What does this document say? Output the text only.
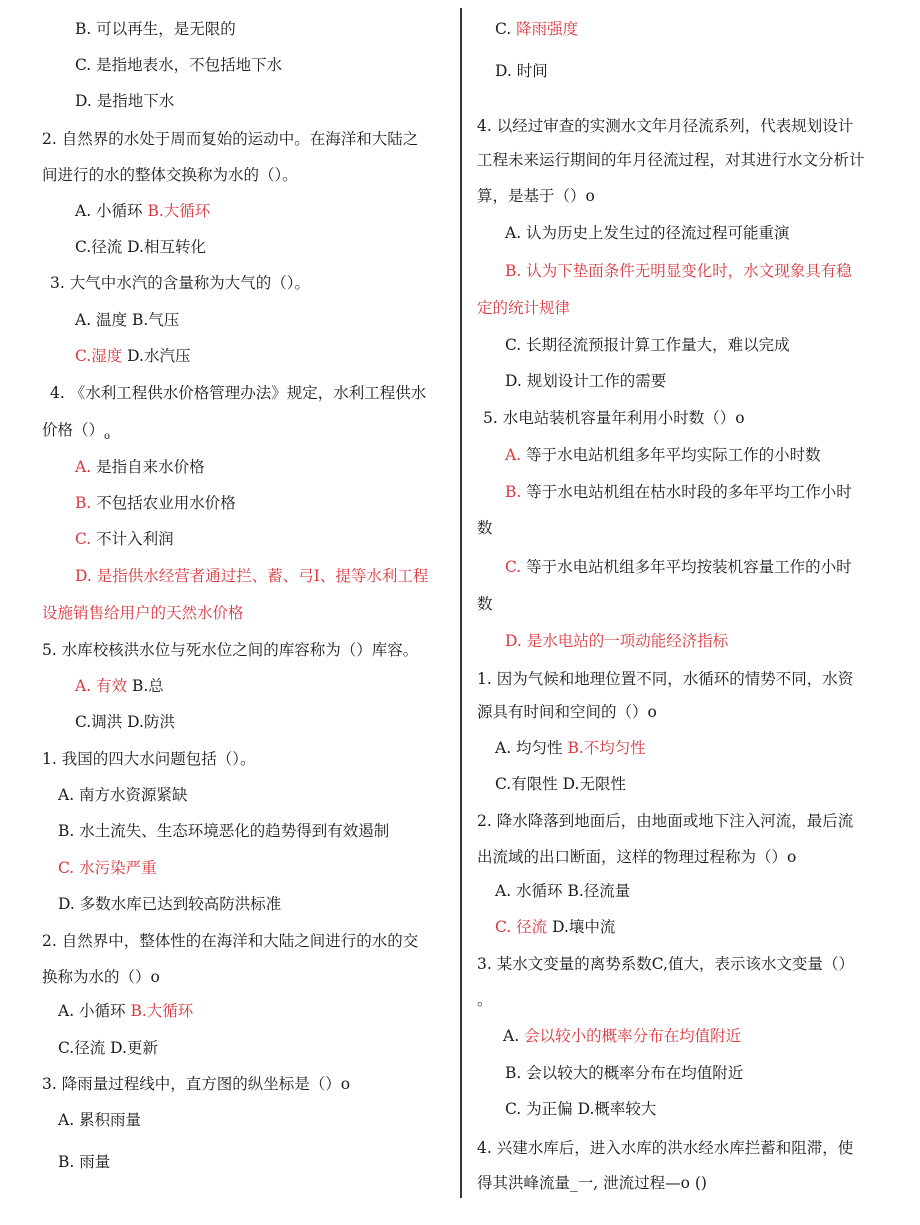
B. 可以再生，是无限的
C. 是指地表水，不包括地下水
D. 是指地下水
2. 自然界的水处于周而复始的运动中。在海洋和大陆之
间进行的水的整体交换称为水的（）。
A. 小循环 B.大循环
C.径流 D.相互转化
3. 大气中水汽的含量称为大气的（）。
A. 温度 B.气压
C.湿度 D.水汽压
4. 《水利工程供水价格管理办法》规定，水利工程供水
价格$()_o$
A. 是指自来水价格
B. 不包括农业用水价格
C. 不计入利润
D. 是指供水经营者通过拦、蓄、弓I、提等水利工程
设施销售给用户的天然水价格
5. 水库校核洪水位与死水位之间的库容称为（）库容。
A. 有效 B.总
C.调洪 D.防洪
1. 我国的四大水问题包括（）。
A. 南方水资源紧缺
B. 水土流失、生态环境恶化的趋势得到有效遏制
C. 水污染严重
D. 多数水库已达到较高防洪标准
2. 自然界中，整体性的在海洋和大陆之间进行的水的交
换称为水的（）o
A. 小循环 B.大循环
C.径流 D.更新
3. 降雨量过程线中，直方图的纵坐标是（）o
A. 累积雨量
B. 雨量
C. 降雨强度
D. 时间
4. 以经过审查的实测水文年月径流系列，代表规划设计
工程未来运行期间的年月径流过程，对其进行水文分析计
算，是基于（）o
A. 认为历史上发生过的径流过程可能重演
B. 认为下垫面条件无明显变化时，水文现象具有稳
定的统计规律
C. 长期径流预报计算工作量大，难以完成
D. 规划设计工作的需要
5. 水电站装机容量年利用小时数（）o
A. 等于水电站机组多年平均实际工作的小时数
B. 等于水电站机组在枯水时段的多年平均工作小时
数
C. 等于水电站机组多年平均按装机容量工作的小时
数
D. 是水电站的一项动能经济指标
1. 因为气候和地理位置不同，水循环的情势不同，水资
源具有时间和空间的（）o
A. 均匀性 B.不均匀性
C.有限性 D.无限性
2. 降水降落到地面后，由地面或地下注入河流，最后流
出流域的出口断面，这样的物理过程称为（）o
A. 水循环 B.径流量
C. 径流 D.壤中流
3. 某水文变量的离势系数C,值大，表示该水文变量（）
。
A. 会以较小的概率分布在均值附近
B. 会以较大的概率分布在均值附近
C. 为正偏 D.概率较大
4. 兴建水库后，进入水库的洪水经水库拦蓄和阻滞，使
得其洪峰流量_一, 泄流过程—o ()
